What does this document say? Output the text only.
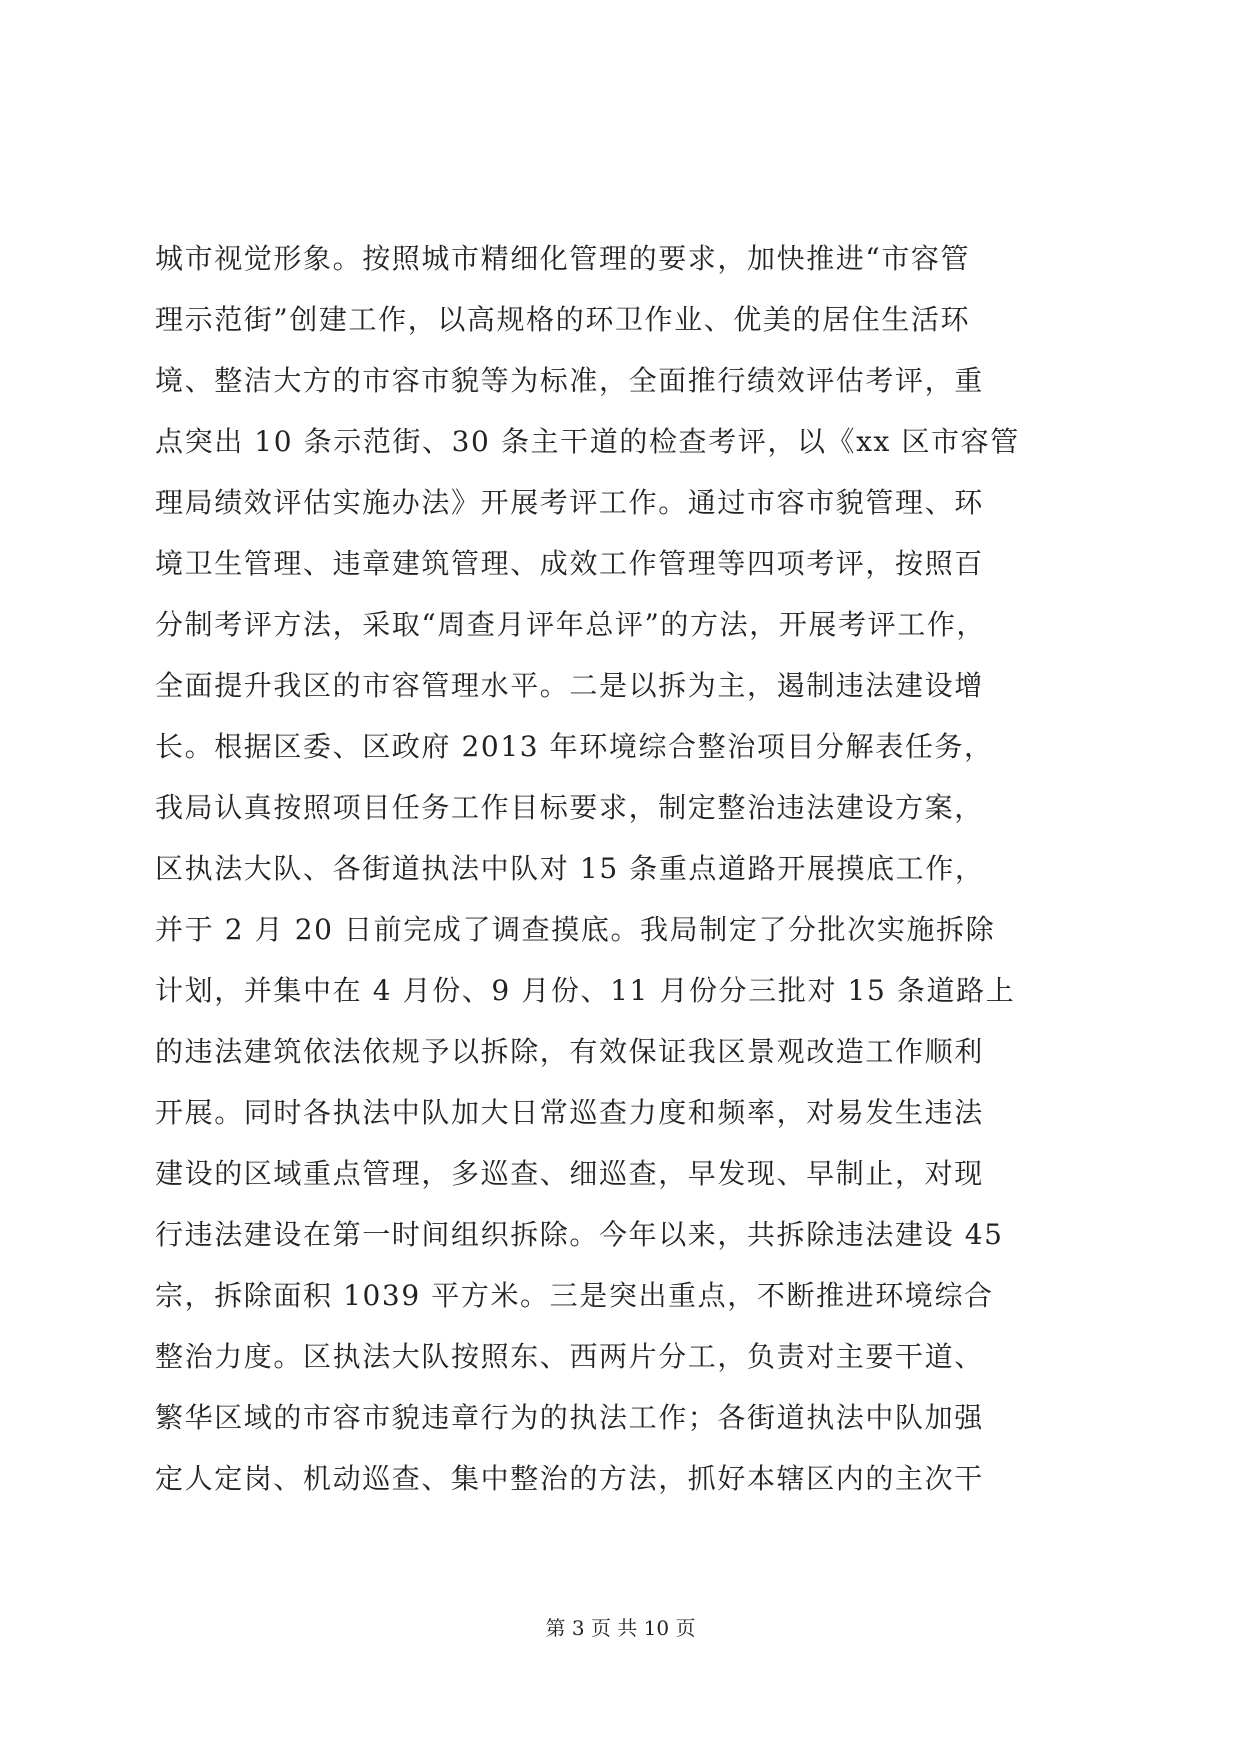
城市视觉形象。按照城市精细化管理的要求，加快推进“市容管
理示范街”创建工作，以高规格的环卫作业、优美的居住生活环
境、整洁大方的市容市貌等为标准，全面推行绩效评估考评，重
点突出 10 条示范街、30 条主干道的检查考评，以《xx 区市容管
理局绩效评估实施办法》开展考评工作。通过市容市貌管理、环
境卫生管理、违章建筑管理、成效工作管理等四项考评，按照百
分制考评方法，采取“周查月评年总评”的方法，开展考评工作，
全面提升我区的市容管理水平。二是以拆为主，遏制违法建设增
长。根据区委、区政府 2013 年环境综合整治项目分解表任务，
我局认真按照项目任务工作目标要求，制定整治违法建设方案，
区执法大队、各街道执法中队对 15 条重点道路开展摸底工作，
并于 2 月 20 日前完成了调查摸底。我局制定了分批次实施拆除
计划，并集中在 4 月份、9 月份、11 月份分三批对 15 条道路上
的违法建筑依法依规予以拆除，有效保证我区景观改造工作顺利
开展。同时各执法中队加大日常巡查力度和频率，对易发生违法
建设的区域重点管理，多巡查、细巡查，早发现、早制止，对现
行违法建设在第一时间组织拆除。今年以来，共拆除违法建设 45
宗，拆除面积 1039 平方米。三是突出重点，不断推进环境综合
整治力度。区执法大队按照东、西两片分工，负责对主要干道、
繁华区域的市容市貌违章行为的执法工作；各街道执法中队加强
定人定岗、机动巡查、集中整治的方法，抓好本辖区内的主次干
第 3 页 共 10 页
